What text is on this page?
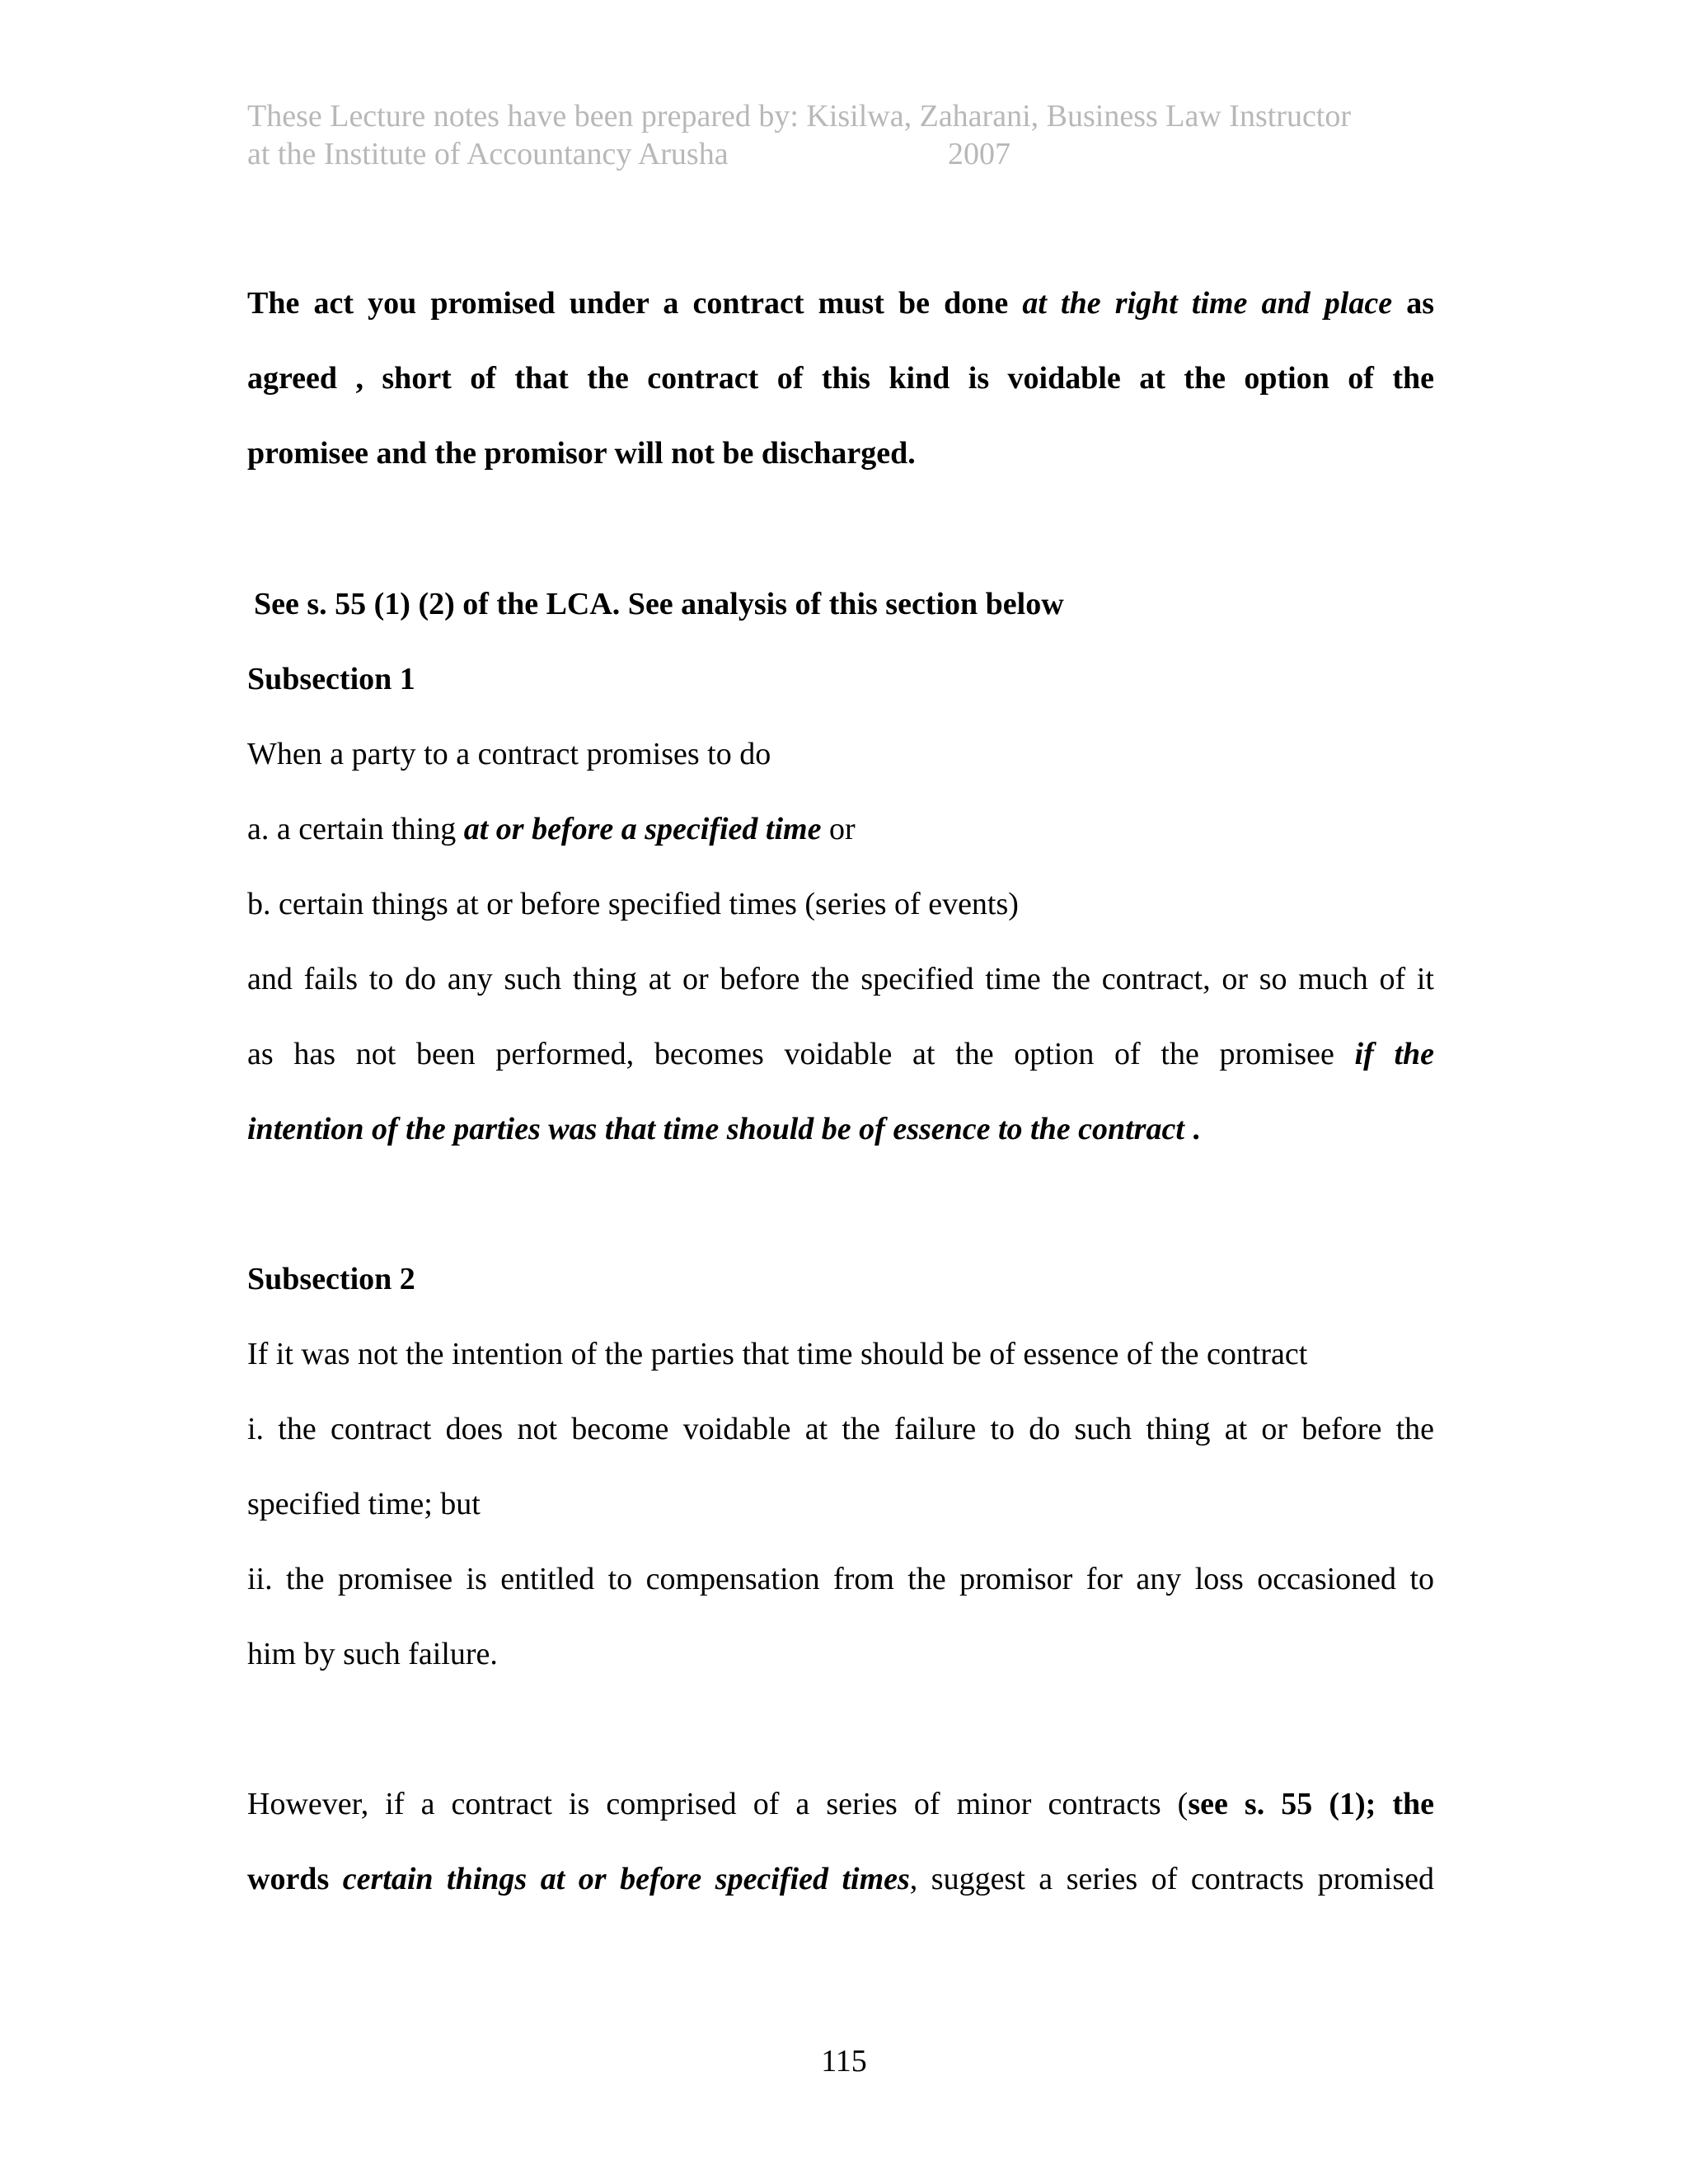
These Lecture notes have been prepared by: Kisilwa, Zaharani, Business Law Instructor
at the Institute of Accountancy Arusha	2007
The act you promised under a contract must be done at the right time and place as
agreed , short of that the contract of this kind is voidable at the option of the
promisee and the promisor will not be discharged.
See s. 55 (1) (2) of the LCA. See analysis of this section below
Subsection 1
When a party to a contract promises to do
a. a certain thing at or before a specified time or
b. certain things at or before specified times (series of events)
and fails to do any such thing at or before the specified time the contract, or so much of it
as has not been performed, becomes voidable at the option of the promisee if the
intention of the parties was that time should be of essence to the contract .
Subsection 2
If it was not the intention of the parties that time should be of essence of the contract
i. the contract does not become voidable at the failure to do such thing at or before the
specified time; but
ii. the promisee is entitled to compensation from the promisor for any loss occasioned to
him by such failure.
However, if a contract is comprised of a series of minor contracts (see s. 55 (1); the
words certain things at or before specified times, suggest a series of contracts promised
115
